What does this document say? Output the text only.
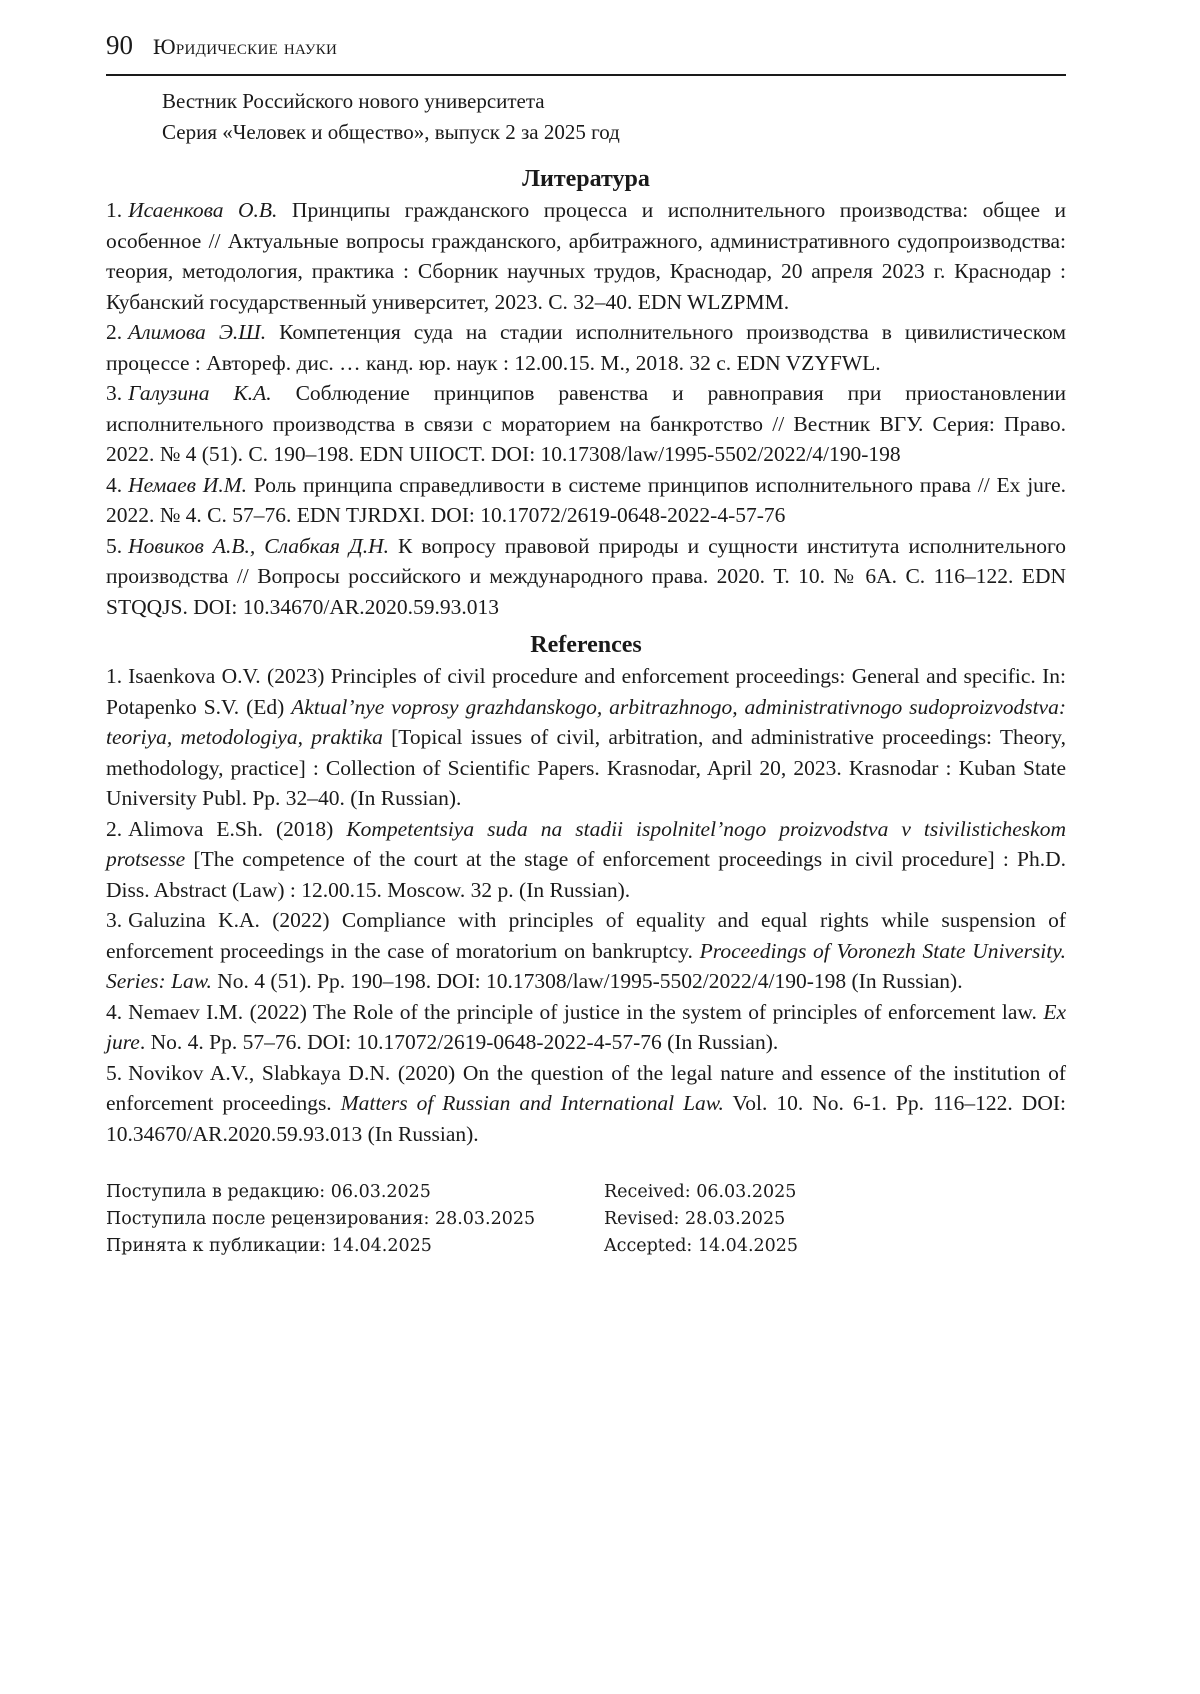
90 Юридические науки
Вестник Российского нового университета
Серия «Человек и общество», выпуск 2 за 2025 год
Литература
1. Исаенкова О.В. Принципы гражданского процесса и исполнительного производства: общее и особенное // Актуальные вопросы гражданского, арбитражного, административного судопроизводства: теория, методология, практика : Сборник научных трудов, Краснодар, 20 апреля 2023 г. Краснодар : Кубанский государственный университет, 2023. С. 32–40. EDN WLZPMM.
2. Алимова Э.Ш. Компетенция суда на стадии исполнительного производства в цивилистическом процессе : Автореф. дис. … канд. юр. наук : 12.00.15. М., 2018. 32 с. EDN VZYFWL.
3. Галузина К.А. Соблюдение принципов равенства и равноправия при приостановлении исполнительного производства в связи с мораторием на банкротство // Вестник ВГУ. Серия: Право. 2022. № 4 (51). С. 190–198. EDN UIIOCT. DOI: 10.17308/law/1995-5502/2022/4/190-198
4. Немаев И.М. Роль принципа справедливости в системе принципов исполнительного права // Ex jure. 2022. № 4. С. 57–76. EDN TJRDXI. DOI: 10.17072/2619-0648-2022-4-57-76
5. Новиков А.В., Слабкая Д.Н. К вопросу правовой природы и сущности института исполнительного производства // Вопросы российского и международного права. 2020. Т. 10. № 6А. С. 116–122. EDN STQQJS. DOI: 10.34670/AR.2020.59.93.013
References
1. Isaenkova O.V. (2023) Principles of civil procedure and enforcement proceedings: General and specific. In: Potapenko S.V. (Ed) Aktual’nye voprosy grazhdanskogo, arbitrazhnogo, administrativnogo sudoproizvodstva: teoriya, metodologiya, praktika [Topical issues of civil, arbitration, and administrative proceedings: Theory, methodology, practice] : Collection of Scientific Papers. Krasnodar, April 20, 2023. Krasnodar : Kuban State University Publ. Pp. 32–40. (In Russian).
2. Alimova E.Sh. (2018) Kompetentsiya suda na stadii ispolnitel’nogo proizvodstva v tsivilisticheskom protsesse [The competence of the court at the stage of enforcement proceedings in civil procedure] : Ph.D. Diss. Abstract (Law) : 12.00.15. Moscow. 32 p. (In Russian).
3. Galuzina K.A. (2022) Compliance with principles of equality and equal rights while suspension of enforcement proceedings in the case of moratorium on bankruptcy. Proceedings of Voronezh State University. Series: Law. No. 4 (51). Pp. 190–198. DOI: 10.17308/law/1995-5502/2022/4/190-198 (In Russian).
4. Nemaev I.M. (2022) The Role of the principle of justice in the system of principles of enforcement law. Ex jure. No. 4. Pp. 57–76. DOI: 10.17072/2619-0648-2022-4-57-76 (In Russian).
5. Novikov A.V., Slabkaya D.N. (2020) On the question of the legal nature and essence of the institution of enforcement proceedings. Matters of Russian and International Law. Vol. 10. No. 6-1. Pp. 116–122. DOI: 10.34670/AR.2020.59.93.013 (In Russian).
Поступила в редакцию: 06.03.2025
Поступила после рецензирования: 28.03.2025
Принята к публикации: 14.04.2025
Received: 06.03.2025
Revised: 28.03.2025
Accepted: 14.04.2025
